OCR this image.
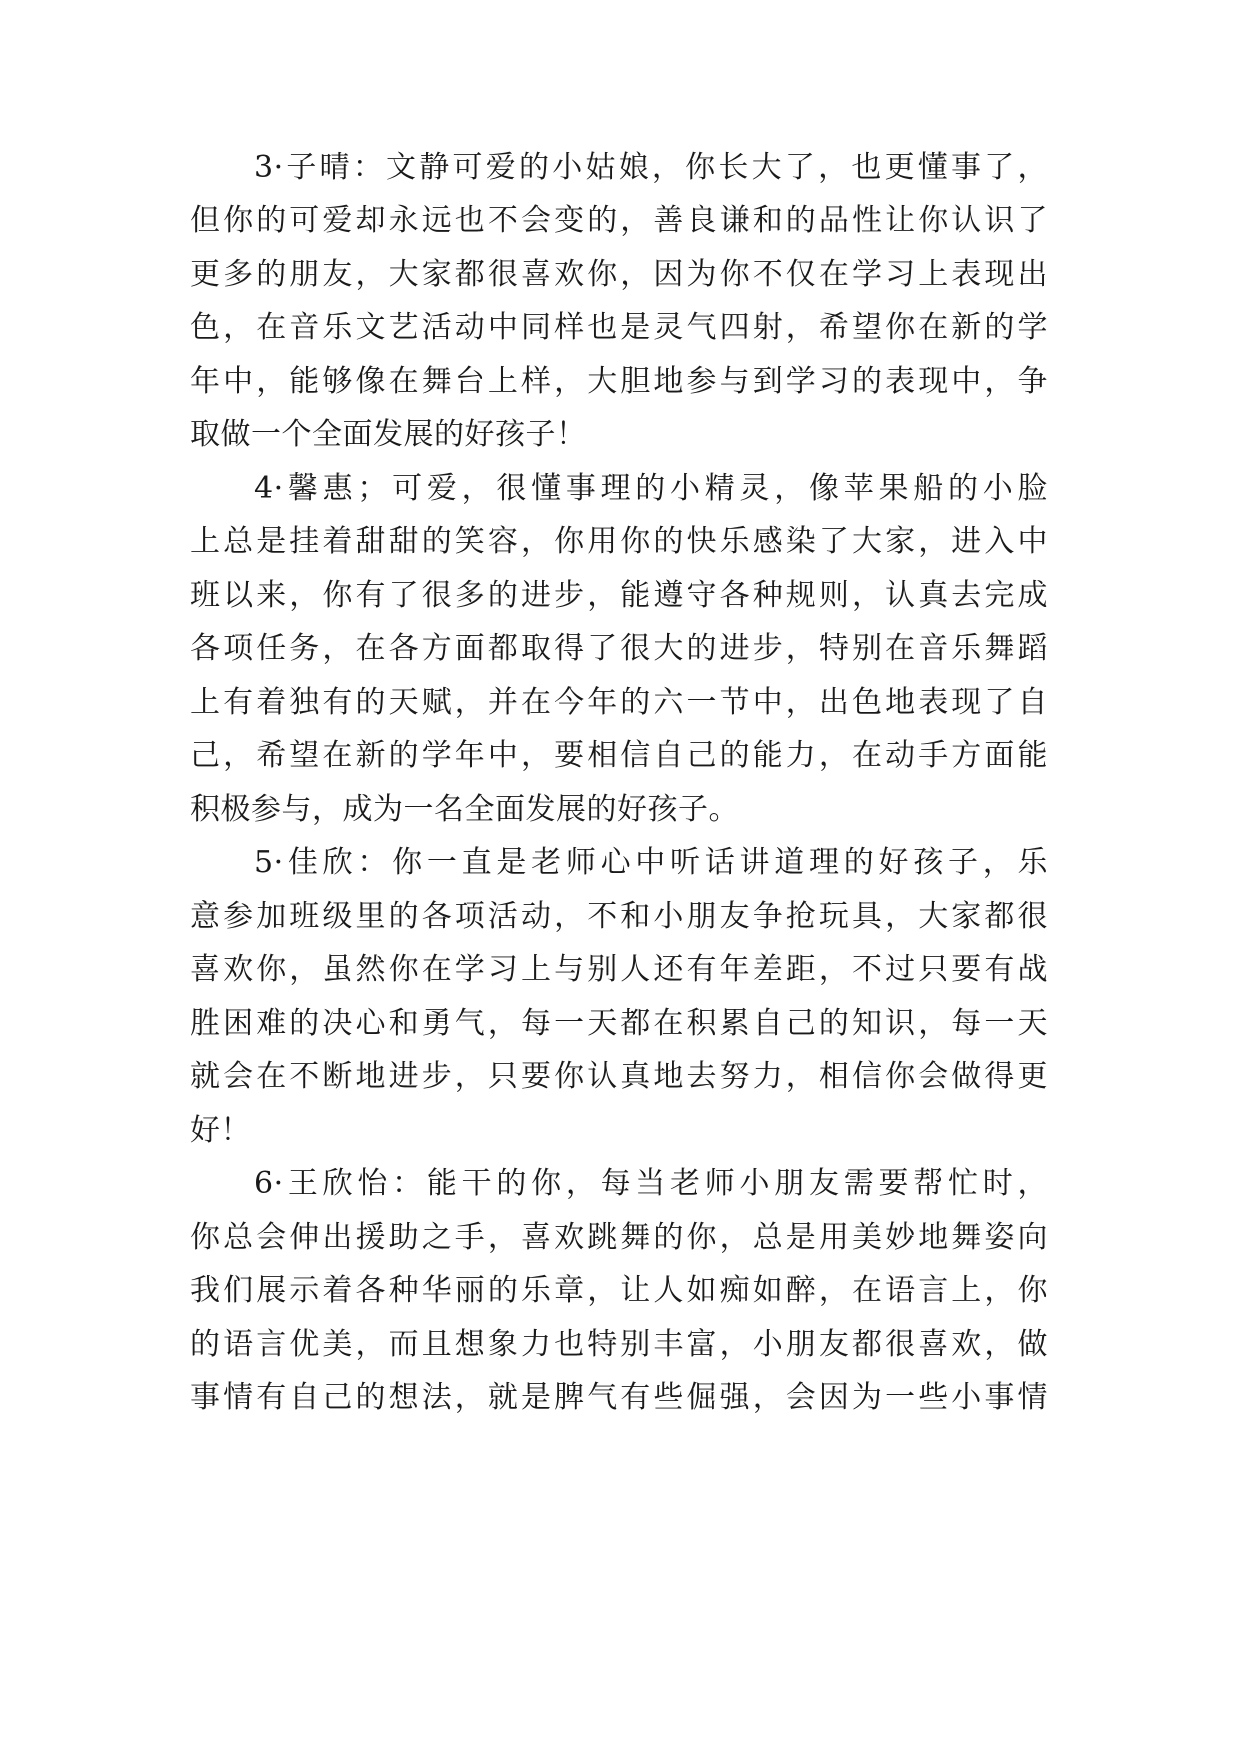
3·子晴：文静可爱的小姑娘，你长大了，也更懂事了，
但你的可爱却永远也不会变的，善良谦和的品性让你认识了
更多的朋友，大家都很喜欢你，因为你不仅在学习上表现出
色，在音乐文艺活动中同样也是灵气四射，希望你在新的学
年中，能够像在舞台上样，大胆地参与到学习的表现中，争
取做一个全面发展的好孩子！
4·馨惠；可爱，很懂事理的小精灵，像苹果船的小脸
上总是挂着甜甜的笑容，你用你的快乐感染了大家，进入中
班以来，你有了很多的进步，能遵守各种规则，认真去完成
各项任务，在各方面都取得了很大的进步，特别在音乐舞蹈
上有着独有的天赋，并在今年的六一节中，出色地表现了自
己，希望在新的学年中，要相信自己的能力，在动手方面能
积极参与，成为一名全面发展的好孩子。
5·佳欣：你一直是老师心中听话讲道理的好孩子，乐
意参加班级里的各项活动，不和小朋友争抢玩具，大家都很
喜欢你，虽然你在学习上与别人还有年差距，不过只要有战
胜困难的决心和勇气，每一天都在积累自己的知识，每一天
就会在不断地进步，只要你认真地去努力，相信你会做得更
好！
6·王欣怡：能干的你，每当老师小朋友需要帮忙时，
你总会伸出援助之手，喜欢跳舞的你，总是用美妙地舞姿向
我们展示着各种华丽的乐章，让人如痴如醉，在语言上，你
的语言优美，而且想象力也特别丰富，小朋友都很喜欢，做
事情有自己的想法，就是脾气有些倔强，会因为一些小事情
